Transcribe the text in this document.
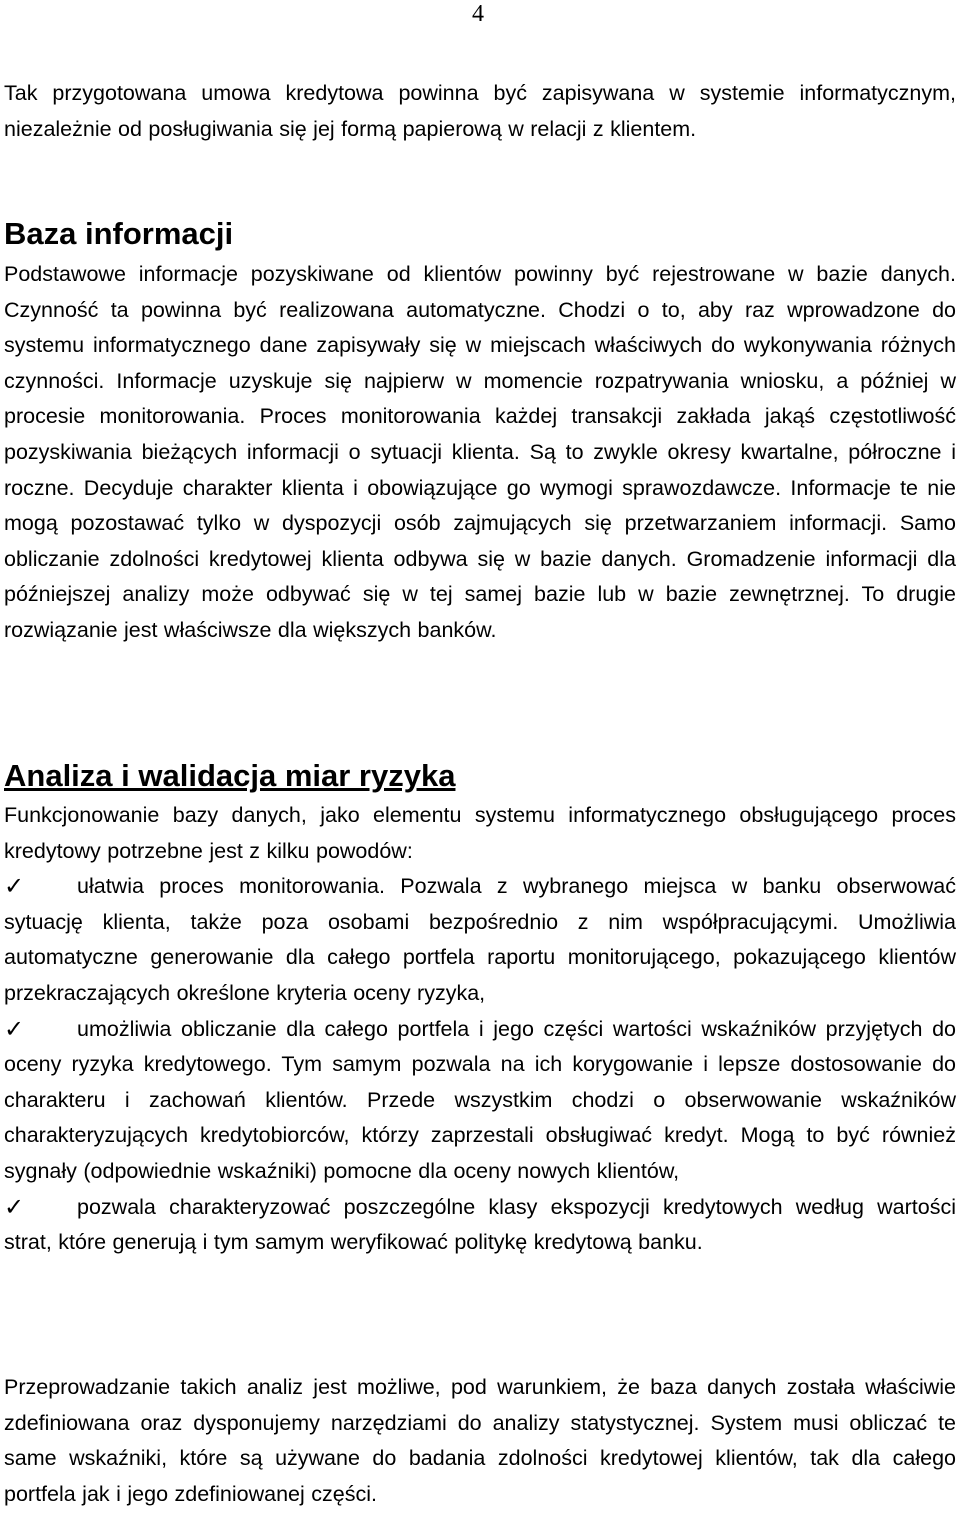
4
Tak przygotowana umowa kredytowa powinna być zapisywana w systemie informatycznym, niezależnie od posługiwania się jej formą papierową w relacji z klientem.
Baza informacji
Podstawowe informacje pozyskiwane od klientów powinny być rejestrowane w bazie danych. Czynność ta powinna być realizowana automatyczne. Chodzi o to, aby raz wprowadzone do systemu informatycznego dane zapisywały się w miejscach właściwych do wykonywania różnych czynności. Informacje uzyskuje się najpierw w momencie rozpatrywania wniosku, a później w procesie monitorowania. Proces monitorowania każdej transakcji zakłada jakąś częstotliwość pozyskiwania bieżących informacji o sytuacji klienta. Są to zwykle okresy kwartalne, półroczne i roczne. Decyduje charakter klienta i obowiązujące go wymogi sprawozdawcze. Informacje te nie mogą pozostawać tylko w dyspozycji osób zajmujących się przetwarzaniem informacji. Samo obliczanie zdolności kredytowej klienta odbywa się w bazie danych. Gromadzenie informacji dla późniejszej analizy może odbywać się w tej samej bazie lub w bazie zewnętrznej. To drugie rozwiązanie jest właściwsze dla większych banków.
Analiza i walidacja miar ryzyka
Funkcjonowanie bazy danych, jako elementu systemu informatycznego obsługującego proces kredytowy potrzebne jest z kilku powodów:
✓	ułatwia proces monitorowania. Pozwala z wybranego miejsca w banku obserwować sytuację klienta, także poza osobami bezpośrednio z nim współpracującymi. Umożliwia automatyczne generowanie dla całego portfela raportu monitorującego, pokazującego klientów przekraczających określone kryteria oceny ryzyka,
✓	umożliwia obliczanie dla całego portfela i jego części wartości wskaźników przyjętych do oceny ryzyka kredytowego. Tym samym pozwala na ich korygowanie i lepsze dostosowanie do charakteru i zachowań klientów. Przede wszystkim chodzi o obserwowanie wskaźników charakteryzujących kredytobiorców, którzy zaprzestali obsługiwać kredyt. Mogą to być również sygnały (odpowiednie wskaźniki) pomocne dla oceny nowych klientów,
✓	pozwala charakteryzować poszczególne klasy ekspozycji kredytowych według wartości strat, które generują i tym samym weryfikować politykę kredytową banku.
Przeprowadzanie takich analiz jest możliwe, pod warunkiem, że baza danych została właściwie zdefiniowana oraz dysponujemy narzędziami do analizy statystycznej. System musi obliczać te same wskaźniki, które są używane do badania zdolności kredytowej klientów, tak dla całego portfela jak i jego zdefiniowanej części.
